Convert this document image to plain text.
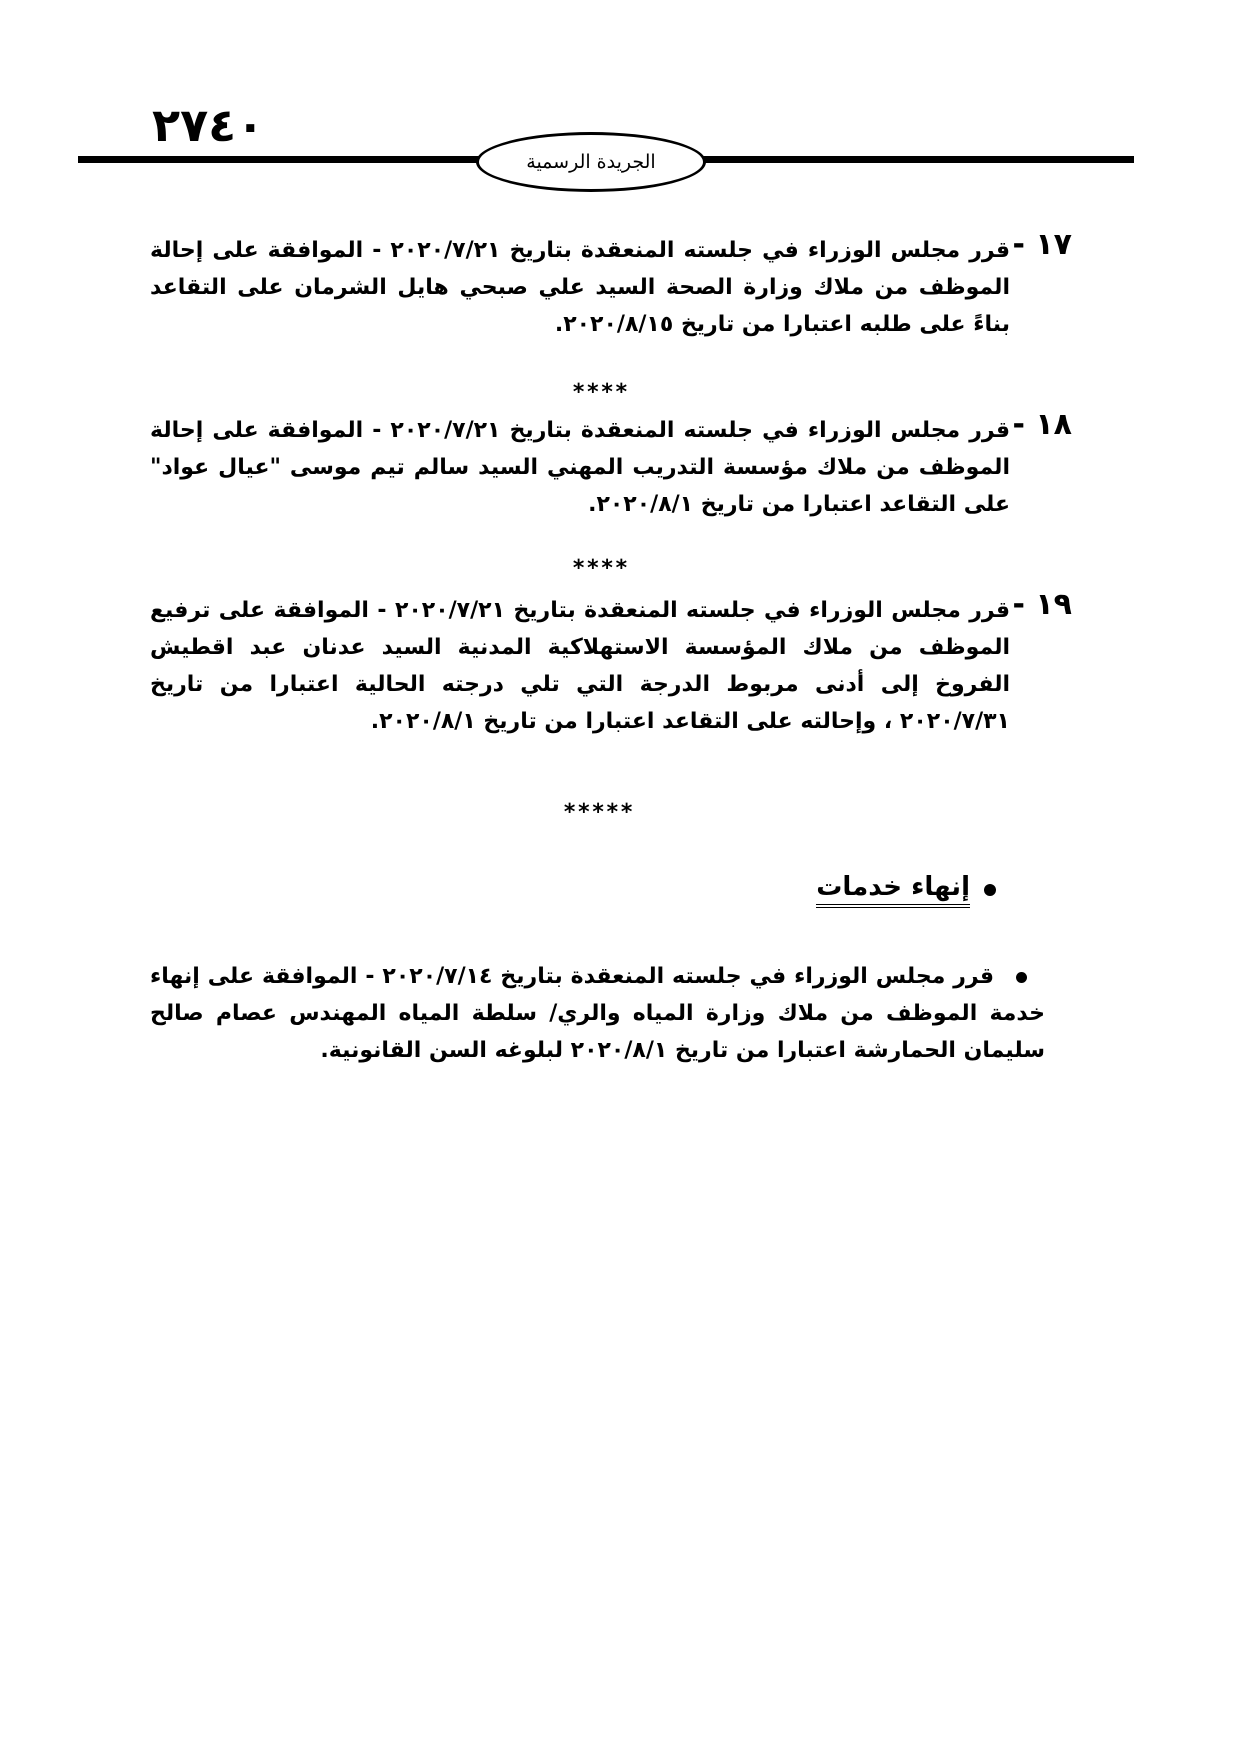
٢٧٤٠
الجريدة الرسمية
١٧ -

قرر مجلس الوزراء في جلسته المنعقدة بتاريخ ٢٠٢٠/٧/٢١ - الموافقة على إحالة الموظف من ملاك وزارة الصحة السيد علي صبحي هايل الشرمان على التقاعد بناءً على طلبه اعتبارا من تاريخ ٢٠٢٠/٨/١٥.

****
١٨ -

قرر مجلس الوزراء في جلسته المنعقدة بتاريخ ٢٠٢٠/٧/٢١ - الموافقة على إحالة الموظف من ملاك مؤسسة التدريب المهني السيد سالم تيم موسى "عيال عواد" على التقاعد اعتبارا من تاريخ ٢٠٢٠/٨/١.

****
١٩ -

قرر مجلس الوزراء في جلسته المنعقدة بتاريخ ٢٠٢٠/٧/٢١ - الموافقة على ترفيع الموظف من ملاك المؤسسة الاستهلاكية المدنية السيد عدنان عبد اقطيش الفروخ إلى أدنى مربوط الدرجة التي تلي درجته الحالية اعتبارا من تاريخ ٢٠٢٠/٧/٣١ ، وإحالته على التقاعد اعتبارا من تاريخ ٢٠٢٠/٨/١.

*****
إنهاء خدمات

قرر مجلس الوزراء في جلسته المنعقدة بتاريخ ٢٠٢٠/٧/١٤ - الموافقة على إنهاء خدمة الموظف من ملاك وزارة المياه والري/ سلطة المياه المهندس عصام صالح سليمان الحمارشة اعتبارا من تاريخ ٢٠٢٠/٨/١ لبلوغه السن القانونية.
